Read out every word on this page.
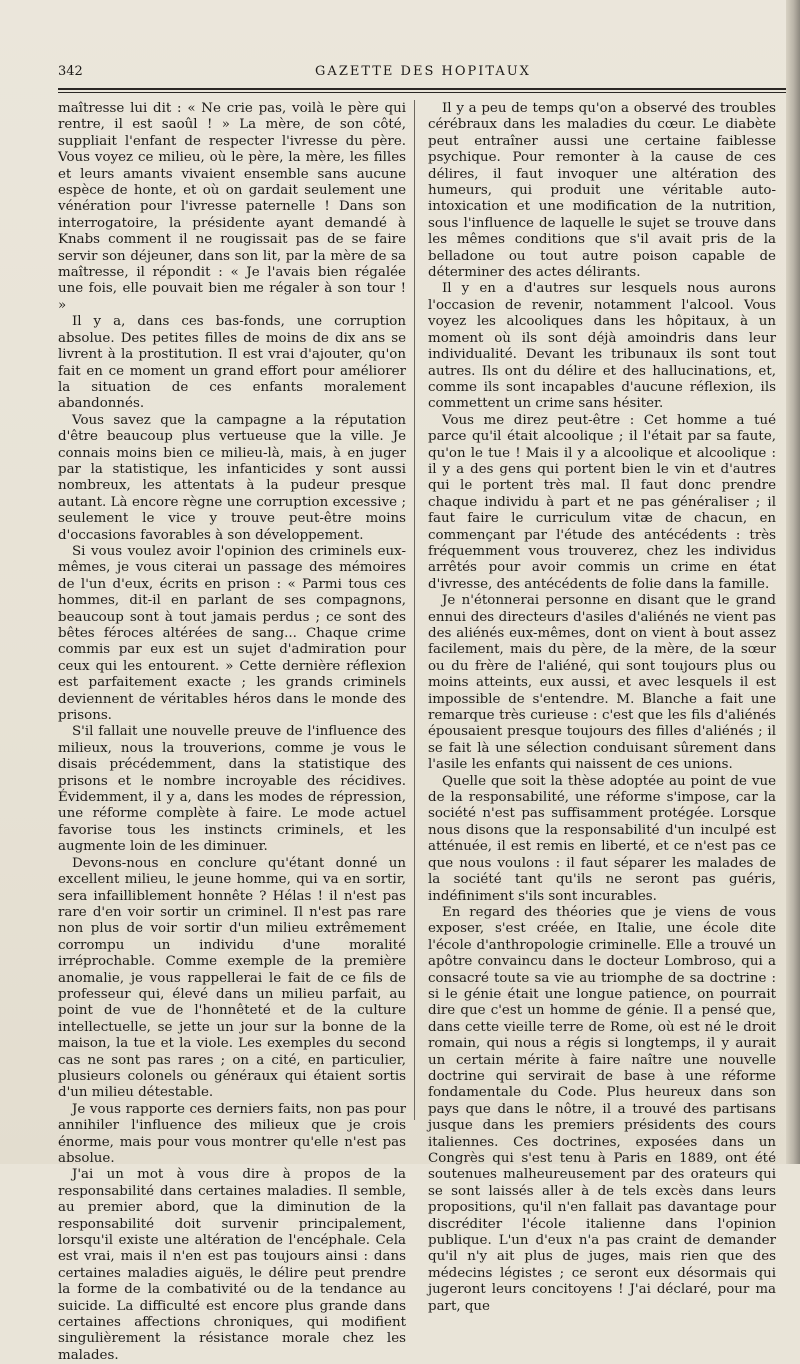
342	GAZETTE DES HOPITAUX

maîtresse lui dit : « Ne crie pas, voilà le père qui rentre, il est saoûl ! » La mère, de son côté, suppliait l'enfant de respecter l'ivresse du père. Vous voyez ce milieu, où le père, la mère, les filles et leurs amants vivaient ensemble sans aucune espèce de honte, et où on gardait seulement une vénération pour l'ivresse paternelle ! Dans son interrogatoire, la présidente ayant demandé à Knabs comment il ne rougissait pas de se faire servir son déjeuner, dans son lit, par la mère de sa maîtresse, il répondit : « Je l'avais bien régalée une fois, elle pouvait bien me régaler à son tour ! »

Il y a, dans ces bas-fonds, une corruption absolue. Des petites filles de moins de dix ans se livrent à la prostitution. Il est vrai d'ajouter, qu'on fait en ce moment un grand effort pour améliorer la situation de ces enfants moralement abandonnés.

Vous savez que la campagne a la réputation d'être beaucoup plus vertueuse que la ville. Je connais moins bien ce milieu-là, mais, à en juger par la statistique, les infanticides y sont aussi nombreux, les attentats à la pudeur presque autant. Là encore règne une corruption excessive ; seulement le vice y trouve peut-être moins d'occasions favorables à son développement.

Si vous voulez avoir l'opinion des criminels eux-mêmes, je vous citerai un passage des mémoires de l'un d'eux, écrits en prison : « Parmi tous ces hommes, dit-il en parlant de ses compagnons, beaucoup sont à tout jamais perdus ; ce sont des bêtes féroces altérées de sang... Chaque crime commis par eux est un sujet d'admiration pour ceux qui les entourent. » Cette dernière réflexion est parfaitement exacte ; les grands criminels deviennent de véritables héros dans le monde des prisons.

S'il fallait une nouvelle preuve de l'influence des milieux, nous la trouverions, comme je vous le disais précédemment, dans la statistique des prisons et le nombre incroyable des récidives. Évidemment, il y a, dans les modes de répression, une réforme complète à faire. Le mode actuel favorise tous les instincts criminels, et les augmente loin de les diminuer.

Devons-nous en conclure qu'étant donné un excellent milieu, le jeune homme, qui va en sortir, sera infailliblement honnête ? Hélas ! il n'est pas rare d'en voir sortir un criminel. Il n'est pas rare non plus de voir sortir d'un milieu extrêmement corrompu un individu d'une moralité irréprochable. Comme exemple de la première anomalie, je vous rappellerai le fait de ce fils de professeur qui, élevé dans un milieu parfait, au point de vue de l'honnêteté et de la culture intellectuelle, se jette un jour sur la bonne de la maison, la tue et la viole. Les exemples du second cas ne sont pas rares ; on a cité, en particulier, plusieurs colonels ou généraux qui étaient sortis d'un milieu détestable.

Je vous rapporte ces derniers faits, non pas pour annihiler l'influence des milieux que je crois énorme, mais pour vous montrer qu'elle n'est pas absolue.

J'ai un mot à vous dire à propos de la responsabilité dans certaines maladies. Il semble, au premier abord, que la diminution de la responsabilité doit survenir principalement, lorsqu'il existe une altération de l'encéphale. Cela est vrai, mais il n'en est pas toujours ainsi : dans certaines maladies aiguës, le délire peut prendre la forme de la combativité ou de la tendance au suicide. La difficulté est encore plus grande dans certaines affections chroniques, qui modifient singulièrement la résistance morale chez les malades.

Il y a peu de temps qu'on a observé des troubles cérébraux dans les maladies du cœur. Le diabète peut entraîner aussi une certaine faiblesse psychique. Pour remonter à la cause de ces délires, il faut invoquer une altération des humeurs, qui produit une véritable auto-intoxication et une modification de la nutrition, sous l'influence de laquelle le sujet se trouve dans les mêmes conditions que s'il avait pris de la belladone ou tout autre poison capable de déterminer des actes délirants.

Il y en a d'autres sur lesquels nous aurons l'occasion de revenir, notamment l'alcool. Vous voyez les alcooliques dans les hôpitaux, à un moment où ils sont déjà amoindris dans leur individualité. Devant les tribunaux ils sont tout autres. Ils ont du délire et des hallucinations, et, comme ils sont incapables d'aucune réflexion, ils commettent un crime sans hésiter.

Vous me direz peut-être : Cet homme a tué parce qu'il était alcoolique ; il l'était par sa faute, qu'on le tue ! Mais il y a alcoolique et alcoolique : il y a des gens qui portent bien le vin et d'autres qui le portent très mal. Il faut donc prendre chaque individu à part et ne pas généraliser ; il faut faire le curriculum vitæ de chacun, en commençant par l'étude des antécédents : très fréquemment vous trouverez, chez les individus arrêtés pour avoir commis un crime en état d'ivresse, des antécédents de folie dans la famille.

Je n'étonnerai personne en disant que le grand ennui des directeurs d'asiles d'aliénés ne vient pas des aliénés eux-mêmes, dont on vient à bout assez facilement, mais du père, de la mère, de la sœur ou du frère de l'aliéné, qui sont toujours plus ou moins atteints, eux aussi, et avec lesquels il est impossible de s'entendre. M. Blanche a fait une remarque très curieuse : c'est que les fils d'aliénés épousaient presque toujours des filles d'aliénés ; il se fait là une sélection conduisant sûrement dans l'asile les enfants qui naissent de ces unions.

Quelle que soit la thèse adoptée au point de vue de la responsabilité, une réforme s'impose, car la société n'est pas suffisamment protégée. Lorsque nous disons que la responsabilité d'un inculpé est atténuée, il est remis en liberté, et ce n'est pas ce que nous voulons : il faut séparer les malades de la société tant qu'ils ne seront pas guéris, indéfiniment s'ils sont incurables.

En regard des théories que je viens de vous exposer, s'est créée, en Italie, une école dite l'école d'anthropologie criminelle. Elle a trouvé un apôtre convaincu dans le docteur Lombroso, qui a consacré toute sa vie au triomphe de sa doctrine : si le génie était une longue patience, on pourrait dire que c'est un homme de génie. Il a pensé que, dans cette vieille terre de Rome, où est né le droit romain, qui nous a régis si longtemps, il y aurait un certain mérite à faire naître une nouvelle doctrine qui servirait de base à une réforme fondamentale du Code. Plus heureux dans son pays que dans le nôtre, il a trouvé des partisans jusque dans les premiers présidents des cours italiennes. Ces doctrines, exposées dans un Congrès qui s'est tenu à Paris en 1889, ont été soutenues malheureusement par des orateurs qui se sont laissés aller à de tels excès dans leurs propositions, qu'il n'en fallait pas davantage pour discréditer l'école italienne dans l'opinion publique. L'un d'eux n'a pas craint de demander qu'il n'y ait plus de juges, mais rien que des médecins légistes ; ce seront eux désormais qui jugeront leurs concitoyens ! J'ai déclaré, pour ma part, que
